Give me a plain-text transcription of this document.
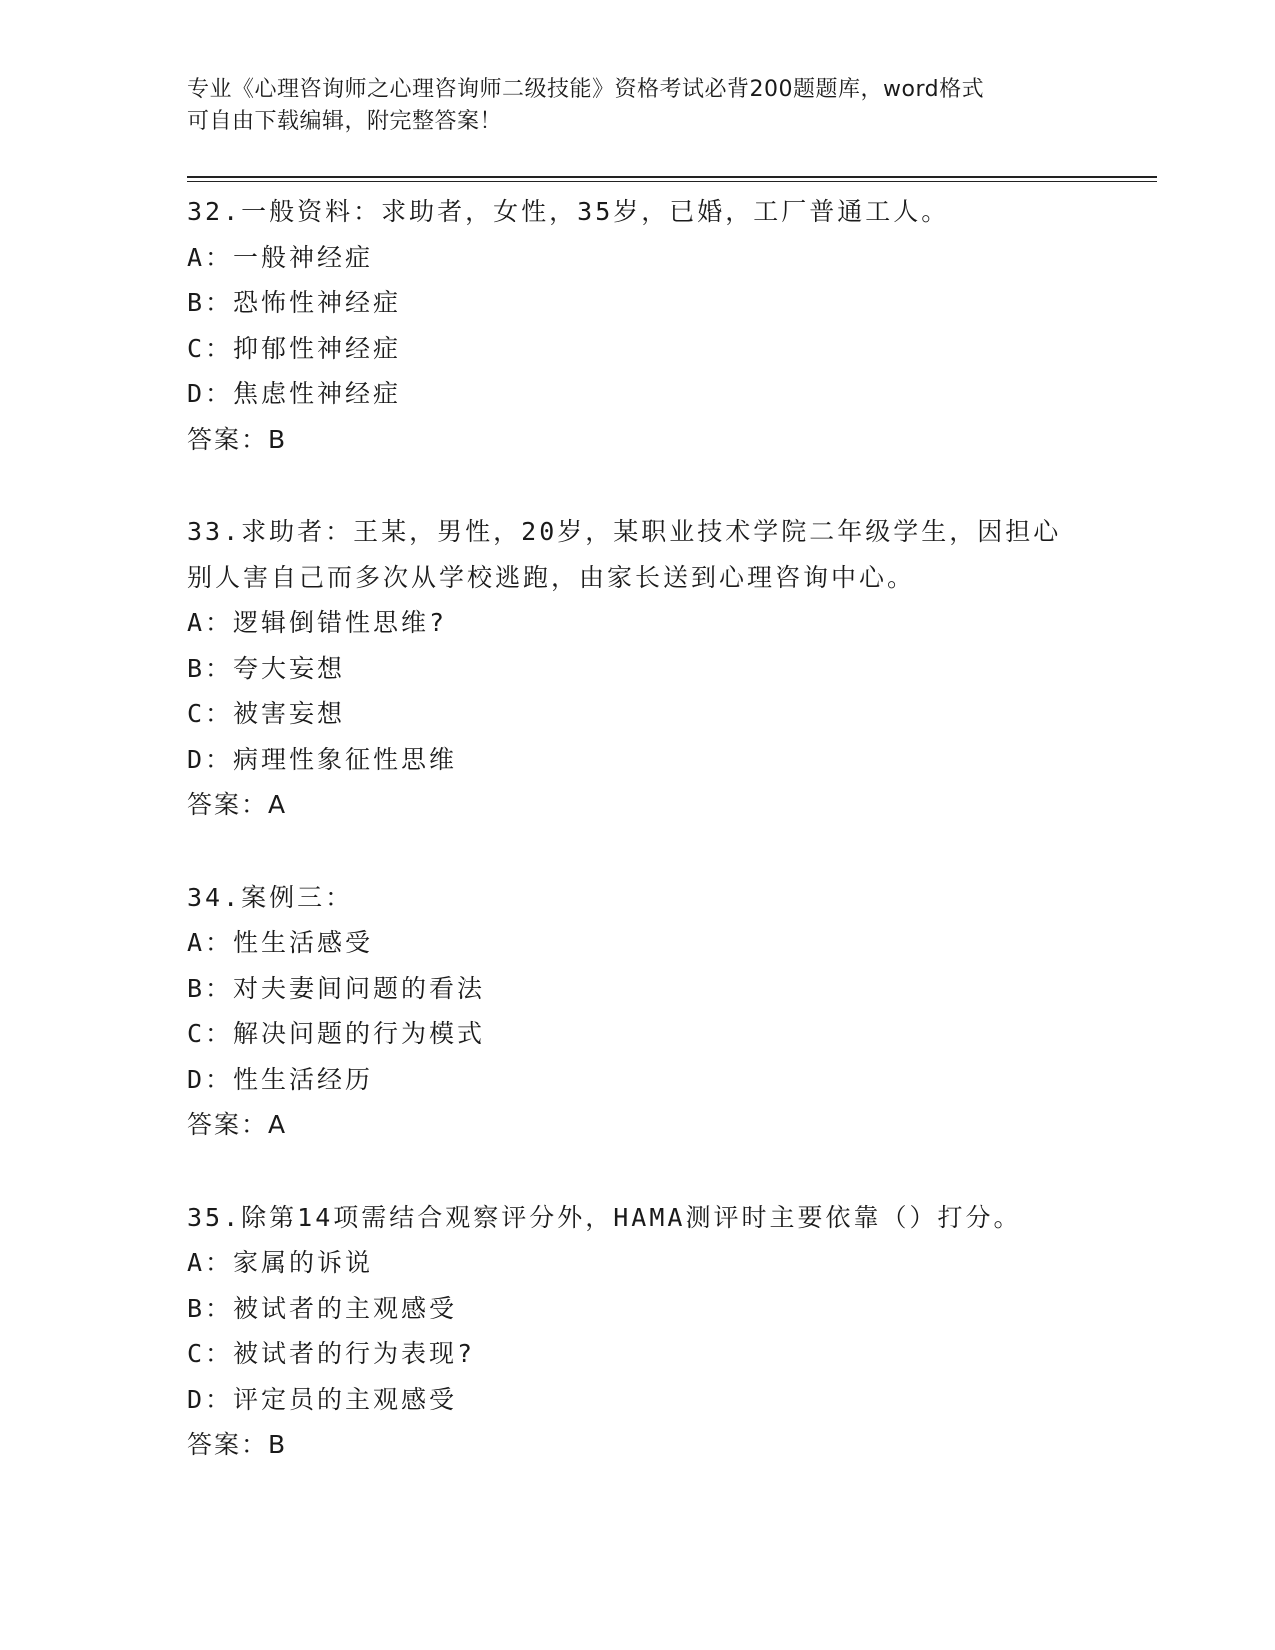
专业《心理咨询师之心理咨询师二级技能》资格考试必背200题题库，word格式
可自由下载编辑，附完整答案！
32.一般资料：求助者，女性，35岁，已婚，工厂普通工人。
A：一般神经症
B：恐怖性神经症
C：抑郁性神经症
D：焦虑性神经症
答案：B
33.求助者：王某，男性，20岁，某职业技术学院二年级学生，因担心别人害自己而多次从学校逃跑，由家长送到心理咨询中心。
A：逻辑倒错性思维?
B：夸大妄想
C：被害妄想
D：病理性象征性思维
答案：A
34.案例三：
A：性生活感受
B：对夫妻间问题的看法
C：解决问题的行为模式
D：性生活经历
答案：A
35.除第14项需结合观察评分外，HAMA测评时主要依靠（）打分。
A：家属的诉说
B：被试者的主观感受
C：被试者的行为表现?
D：评定员的主观感受
答案：B
